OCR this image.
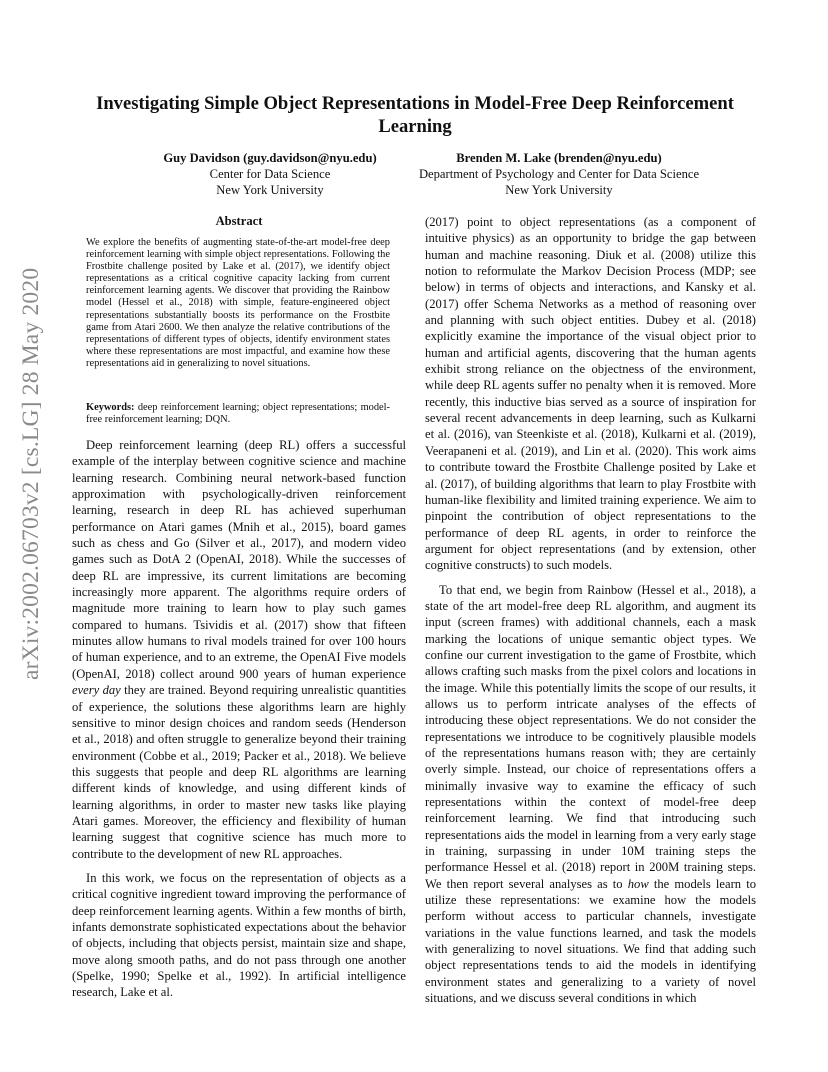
arXiv:2002.06703v2 [cs.LG] 28 May 2020
Investigating Simple Object Representations in Model-Free Deep Reinforcement Learning
Guy Davidson (guy.davidson@nyu.edu)
Center for Data Science
New York University
Brenden M. Lake (brenden@nyu.edu)
Department of Psychology and Center for Data Science
New York University
Abstract
We explore the benefits of augmenting state-of-the-art model-free deep reinforcement learning with simple object representations. Following the Frostbite challenge posited by Lake et al. (2017), we identify object representations as a critical cognitive capacity lacking from current reinforcement learning agents. We discover that providing the Rainbow model (Hessel et al., 2018) with simple, feature-engineered object representations substantially boosts its performance on the Frostbite game from Atari 2600. We then analyze the relative contributions of the representations of different types of objects, identify environment states where these representations are most impactful, and examine how these representations aid in generalizing to novel situations.
Keywords: deep reinforcement learning; object representations; model-free reinforcement learning; DQN.

Deep reinforcement learning (deep RL) offers a successful example of the interplay between cognitive science and machine learning research. Combining neural network-based function approximation with psychologically-driven reinforcement learning, research in deep RL has achieved superhuman performance on Atari games (Mnih et al., 2015), board games such as chess and Go (Silver et al., 2017), and modern video games such as DotA 2 (OpenAI, 2018). While the successes of deep RL are impressive, its current limitations are becoming increasingly more apparent. The algorithms require orders of magnitude more training to learn how to play such games compared to humans. Tsividis et al. (2017) show that fifteen minutes allow humans to rival models trained for over 100 hours of human experience, and to an extreme, the OpenAI Five models (OpenAI, 2018) collect around 900 years of human experience every day they are trained. Beyond requiring unrealistic quantities of experience, the solutions these algorithms learn are highly sensitive to minor design choices and random seeds (Henderson et al., 2018) and often struggle to generalize beyond their training environment (Cobbe et al., 2019; Packer et al., 2018). We believe this suggests that people and deep RL algorithms are learning different kinds of knowledge, and using different kinds of learning algorithms, in order to master new tasks like playing Atari games. Moreover, the efficiency and flexibility of human learning suggest that cognitive science has much more to contribute to the development of new RL approaches.

In this work, we focus on the representation of objects as a critical cognitive ingredient toward improving the performance of deep reinforcement learning agents. Within a few months of birth, infants demonstrate sophisticated expectations about the behavior of objects, including that objects persist, maintain size and shape, move along smooth paths, and do not pass through one another (Spelke, 1990; Spelke et al., 1992). In artificial intelligence research, Lake et al.

(2017) point to object representations (as a component of intuitive physics) as an opportunity to bridge the gap between human and machine reasoning. Diuk et al. (2008) utilize this notion to reformulate the Markov Decision Process (MDP; see below) in terms of objects and interactions, and Kansky et al. (2017) offer Schema Networks as a method of reasoning over and planning with such object entities. Dubey et al. (2018) explicitly examine the importance of the visual object prior to human and artificial agents, discovering that the human agents exhibit strong reliance on the objectness of the environment, while deep RL agents suffer no penalty when it is removed. More recently, this inductive bias served as a source of inspiration for several recent advancements in deep learning, such as Kulkarni et al. (2016), van Steenkiste et al. (2018), Kulkarni et al. (2019), Veerapaneni et al. (2019), and Lin et al. (2020). This work aims to contribute toward the Frostbite Challenge posited by Lake et al. (2017), of building algorithms that learn to play Frostbite with human-like flexibility and limited training experience. We aim to pinpoint the contribution of object representations to the performance of deep RL agents, in order to reinforce the argument for object representations (and by extension, other cognitive constructs) to such models.

To that end, we begin from Rainbow (Hessel et al., 2018), a state of the art model-free deep RL algorithm, and augment its input (screen frames) with additional channels, each a mask marking the locations of unique semantic object types. We confine our current investigation to the game of Frostbite, which allows crafting such masks from the pixel colors and locations in the image. While this potentially limits the scope of our results, it allows us to perform intricate analyses of the effects of introducing these object representations. We do not consider the representations we introduce to be cognitively plausible models of the representations humans reason with; they are certainly overly simple. Instead, our choice of representations offers a minimally invasive way to examine the efficacy of such representations within the context of model-free deep reinforcement learning. We find that introducing such representations aids the model in learning from a very early stage in training, surpassing in under 10M training steps the performance Hessel et al. (2018) report in 200M training steps. We then report several analyses as to how the models learn to utilize these representations: we examine how the models perform without access to particular channels, investigate variations in the value functions learned, and task the models with generalizing to novel situations. We find that adding such object representations tends to aid the models in identifying environment states and generalizing to a variety of novel situations, and we discuss several conditions in which
